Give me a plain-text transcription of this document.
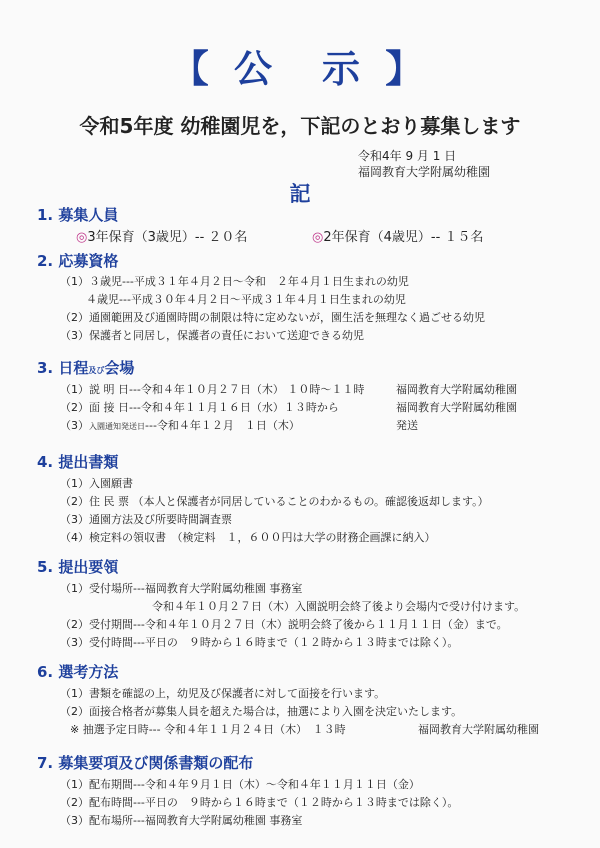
【 公　示 】
令和5年度 幼稚園児を，下記のとおり募集します
令和4年 9 月 1 日
福岡教育大学附属幼稚園
記
1. 募集人員
◎3年保育（3歳児）-- ２０名	◎2年保育（4歳児）-- １５名
2. 応募資格
（1）３歳児---平成３１年４月２日～令和　２年４月１日生まれの幼児
４歳児---平成３０年４月２日～平成３１年４月１日生まれの幼児
（2）通園範囲及び通園時間の制限は特に定めないが，園生活を無理なく過ごせる幼児
（3）保護者と同居し，保護者の責任において送迎できる幼児
3. 日程及び会場
（1）説 明 日---令和４年１０月２７日（木） １０時～１１時	福岡教育大学附属幼稚園
（2）面 接 日---令和４年１１月１６日（水）１３時から	福岡教育大学附属幼稚園
（3）入園通知発送日---令和４年１２月　１日（木）	発送
4. 提出書類
（1）入園願書
（2）住 民 票 （本人と保護者が同居していることのわかるもの。確認後返却します。）
（3）通園方法及び所要時間調査票
（4）検定料の領収書　（検定料　１，６００円は大学の財務企画課に納入）
5. 提出要領
（1）受付場所---福岡教育大学附属幼稚園 事務室
令和４年１０月２７日（木）入園説明会終了後より会場内で受け付けます。
（2）受付期間---令和４年１０月２７日（木）説明会終了後から１１月１１日（金）まで。
（3）受付時間---平日の　９時から１６時まで（１２時から１３時までは除く）。
6. 選考方法
（1）書類を確認の上，幼児及び保護者に対して面接を行います。
（2）面接合格者が募集人員を超えた場合は，抽選により入園を決定いたします。
※ 抽選予定日時--- 令和４年１１月２４日（木）　１３時	福岡教育大学附属幼稚園
7. 募集要項及び関係書類の配布
（1）配布期間---令和４年９月１日（木）～令和４年１１月１１日（金）
（2）配布時間---平日の　９時から１６時まで（１２時から１３時までは除く）。
（3）配布場所---福岡教育大学附属幼稚園 事務室
